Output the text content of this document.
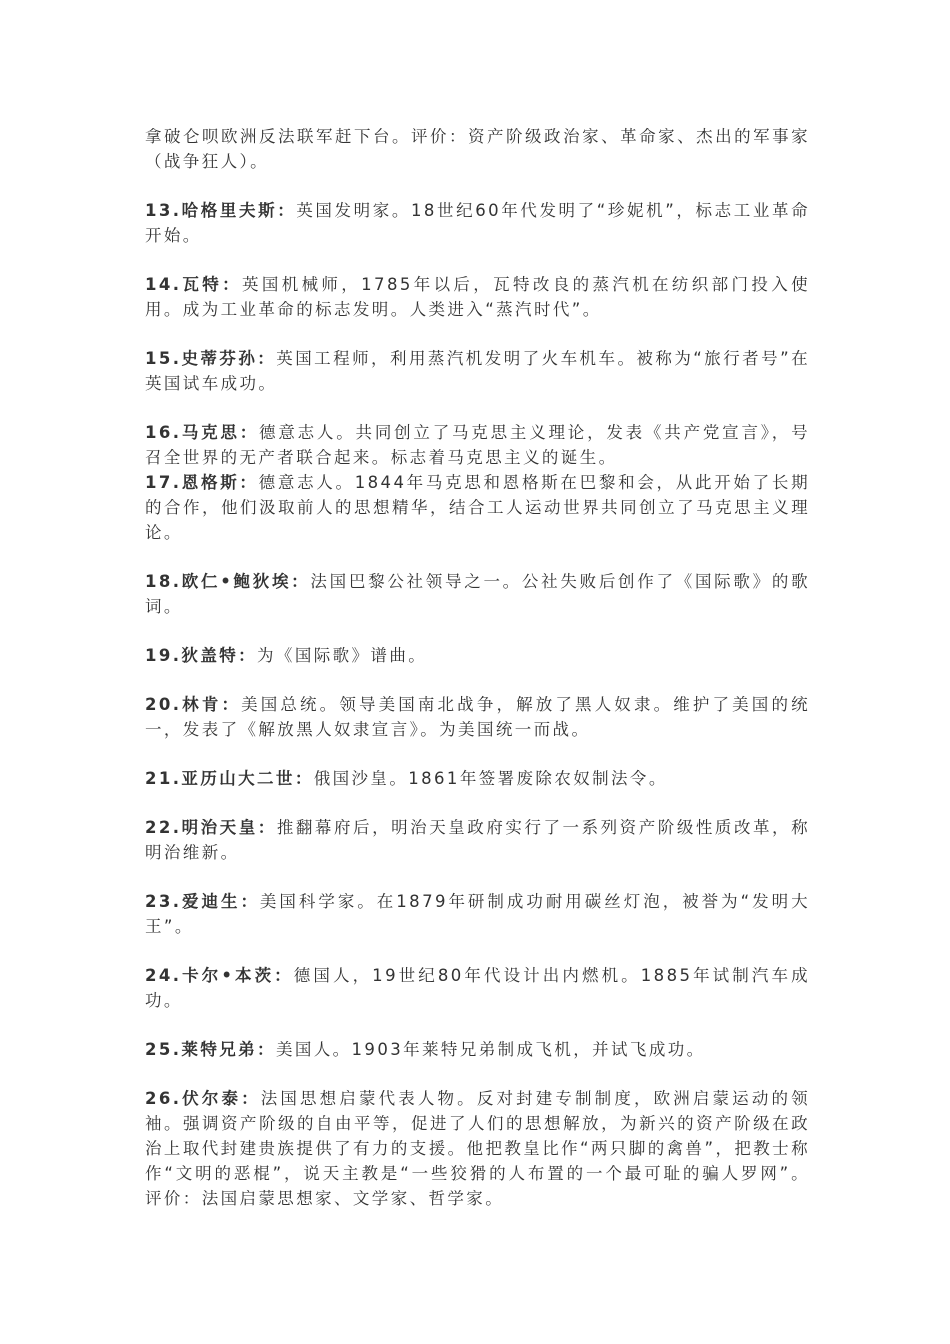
拿破仑呗欧洲反法联军赶下台。评价：资产阶级政治家、革命家、杰出的军事家（战争狂人）。

13.哈格里夫斯：英国发明家。18世纪60年代发明了“珍妮机”，标志工业革命开始。

14.瓦特：英国机械师，1785年以后，瓦特改良的蒸汽机在纺织部门投入使用。成为工业革命的标志发明。人类进入“蒸汽时代”。

15.史蒂芬孙：英国工程师，利用蒸汽机发明了火车机车。被称为“旅行者号”在英国试车成功。

16.马克思：德意志人。共同创立了马克思主义理论，发表《共产党宣言》，号召全世界的无产者联合起来。标志着马克思主义的诞生。

17.恩格斯：德意志人。1844年马克思和恩格斯在巴黎和会，从此开始了长期的合作，他们汲取前人的思想精华，结合工人运动世界共同创立了马克思主义理论。

18.欧仁•鲍狄埃：法国巴黎公社领导之一。公社失败后创作了《国际歌》的歌词。

19.狄盖特：为《国际歌》谱曲。

20.林肯：美国总统。领导美国南北战争，解放了黑人奴隶。维护了美国的统一，发表了《解放黑人奴隶宣言》。为美国统一而战。

21.亚历山大二世：俄国沙皇。1861年签署废除农奴制法令。

22.明治天皇：推翻幕府后，明治天皇政府实行了一系列资产阶级性质改革，称明治维新。

23.爱迪生：美国科学家。在1879年研制成功耐用碳丝灯泡，被誉为“发明大王”。

24.卡尔•本茨：德国人，19世纪80年代设计出内燃机。1885年试制汽车成功。

25.莱特兄弟：美国人。1903年莱特兄弟制成飞机，并试飞成功。

26.伏尔泰：法国思想启蒙代表人物。反对封建专制制度，欧洲启蒙运动的领袖。强调资产阶级的自由平等，促进了人们的思想解放，为新兴的资产阶级在政治上取代封建贵族提供了有力的支援。他把教皇比作“两只脚的禽兽”，把教士称作“文明的恶棍”，说天主教是“一些狡猾的人布置的一个最可耻的骗人罗网”。评价：法国启蒙思想家、文学家、哲学家。
